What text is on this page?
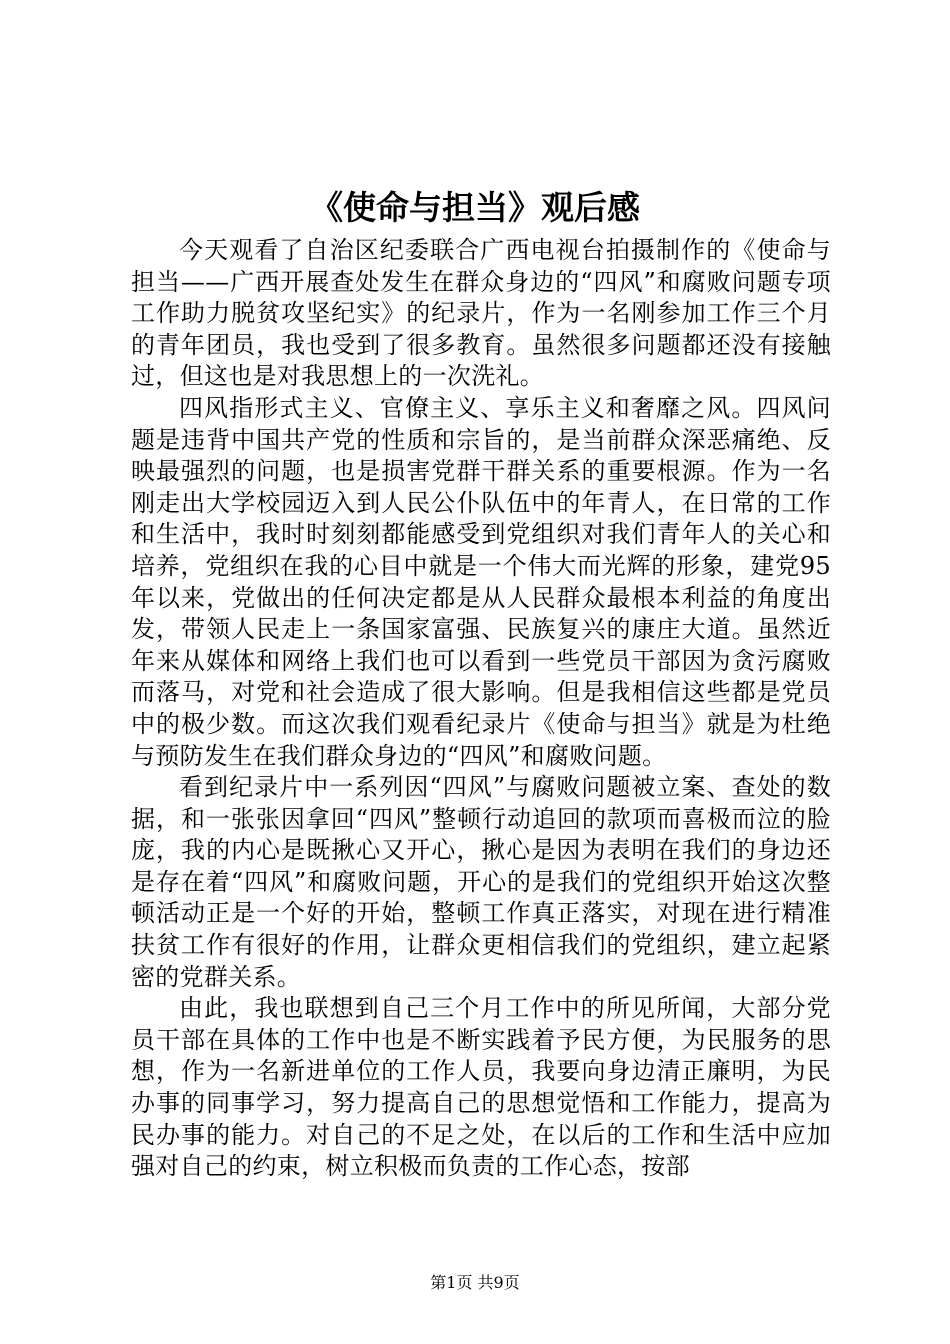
《使命与担当》观后感

今天观看了自治区纪委联合广西电视台拍摄制作的《使命与担当——广西开展查处发生在群众身边的“四风”和腐败问题专项工作助力脱贫攻坚纪实》的纪录片，作为一名刚参加工作三个月的青年团员，我也受到了很多教育。虽然很多问题都还没有接触过，但这也是对我思想上的一次洗礼。

四风指形式主义、官僚主义、享乐主义和奢靡之风。四风问题是违背中国共产党的性质和宗旨的，是当前群众深恶痛绝、反映最强烈的问题，也是损害党群干群关系的重要根源。作为一名刚走出大学校园迈入到人民公仆队伍中的年青人，在日常的工作和生活中，我时时刻刻都能感受到党组织对我们青年人的关心和培养，党组织在我的心目中就是一个伟大而光辉的形象，建党95年以来，党做出的任何决定都是从人民群众最根本利益的角度出发，带领人民走上一条国家富强、民族复兴的康庄大道。虽然近年来从媒体和网络上我们也可以看到一些党员干部因为贪污腐败而落马，对党和社会造成了很大影响。但是我相信这些都是党员中的极少数。而这次我们观看纪录片《使命与担当》就是为杜绝与预防发生在我们群众身边的“四风”和腐败问题。

看到纪录片中一系列因“四风”与腐败问题被立案、查处的数据，和一张张因拿回“四风”整顿行动追回的款项而喜极而泣的脸庞，我的内心是既揪心又开心，揪心是因为表明在我们的身边还是存在着“四风”和腐败问题，开心的是我们的党组织开始这次整顿活动正是一个好的开始，整顿工作真正落实，对现在进行精准扶贫工作有很好的作用，让群众更相信我们的党组织，建立起紧密的党群关系。

由此，我也联想到自己三个月工作中的所见所闻，大部分党员干部在具体的工作中也是不断实践着予民方便，为民服务的思想，作为一名新进单位的工作人员，我要向身边清正廉明，为民办事的同事学习，努力提高自己的思想觉悟和工作能力，提高为民办事的能力。对自己的不足之处，在以后的工作和生活中应加强对自己的约束，树立积极而负责的工作心态，按部

第1页 共9页
